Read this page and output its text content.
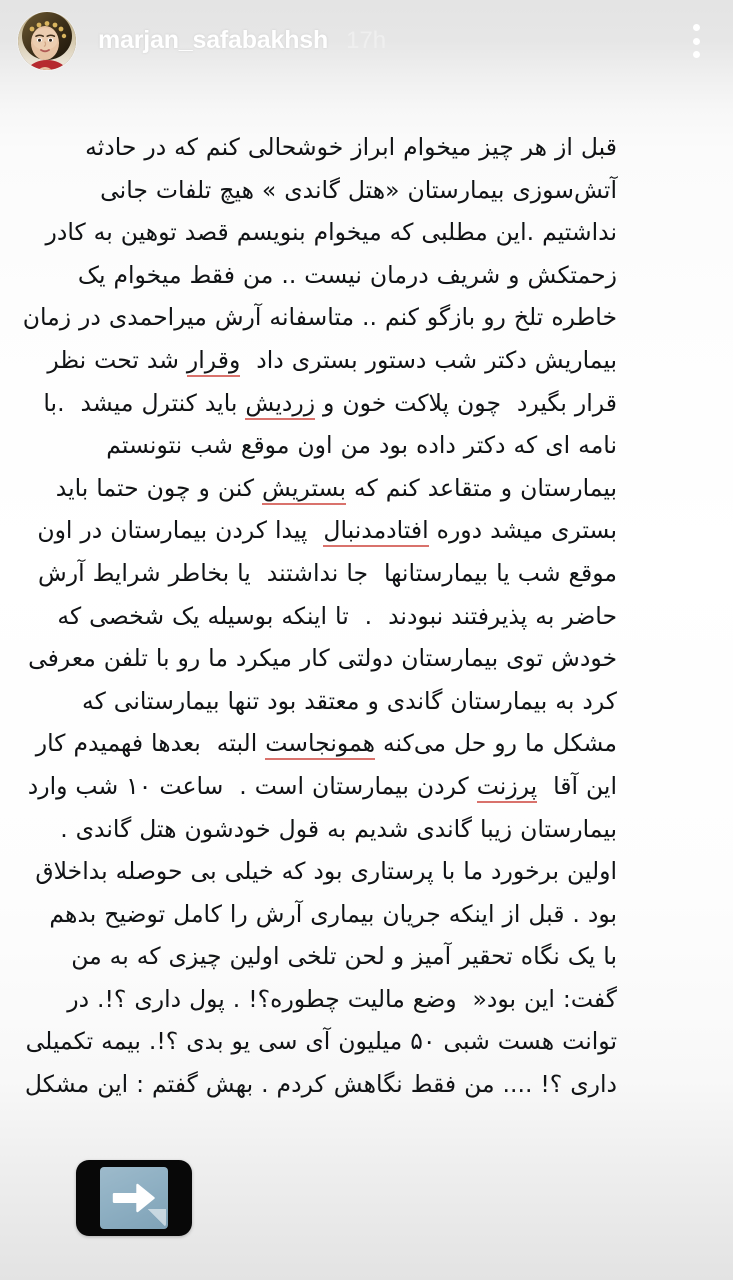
marjan_safabakhsh 17h
قبل از هر چیز میخوام ابراز خوشحالی کنم که در حادثه
آتش‌سوزی بیمارستان «هتل گاندی » هیچ تلفات جانی
نداشتیم .این مطلبی که میخوام بنویسم قصد توهین به کادر
زحمتکش و شریف درمان نیست .. من فقط میخوام یک
خاطره تلخ رو بازگو کنم .. متاسفانه آرش میراحمدی در زمان
بیماریش دکتر شب دستور بستری داد  وقرار شد تحت نظر
قرار بگیرد  چون پلاکت خون و زردیش باید کنترل میشد  .با
نامه ای که دکتر داده بود من اون موقع شب نتونستم
بیمارستان و متقاعد کنم که بستریش کنن و چون حتما باید
بستری میشد دوره افتادمدنبال  پیدا کردن بیمارستان در اون
موقع شب یا بیمارستانها  جا نداشتند  یا بخاطر شرایط آرش
حاضر به پذیرفتند نبودند  .  تا اینکه بوسیله یک شخصی که
خودش توی بیمارستان دولتی کار میکرد ما رو با تلفن معرفی
کرد به بیمارستان گاندی و معتقد بود تنها بیمارستانی که
مشکل ما رو حل می‌کنه همونجاست البته  بعدها فهمیدم کار
این آقا  پرزنت کردن بیمارستان است .  ساعت ۱۰ شب وارد
بیمارستان زیبا گاندی شدیم به قول خودشون هتل گاندی .
اولین برخورد ما با پرستاری بود که خیلی بی حوصله بداخلاق
بود . قبل از اینکه جریان بیماری آرش را کامل توضیح بدهم
با یک نگاه تحقیر آمیز و لحن تلخی اولین چیزی که به من
گفت: این بود«  وضع مالیت چطوره؟! . پول داری ؟!. در
توانت هست شبی ۵۰ میلیون آی سی یو بدی ؟!. بیمه تکمیلی
داری ؟! .... من فقط نگاهش کردم . بهش گفتم : این مشکل
